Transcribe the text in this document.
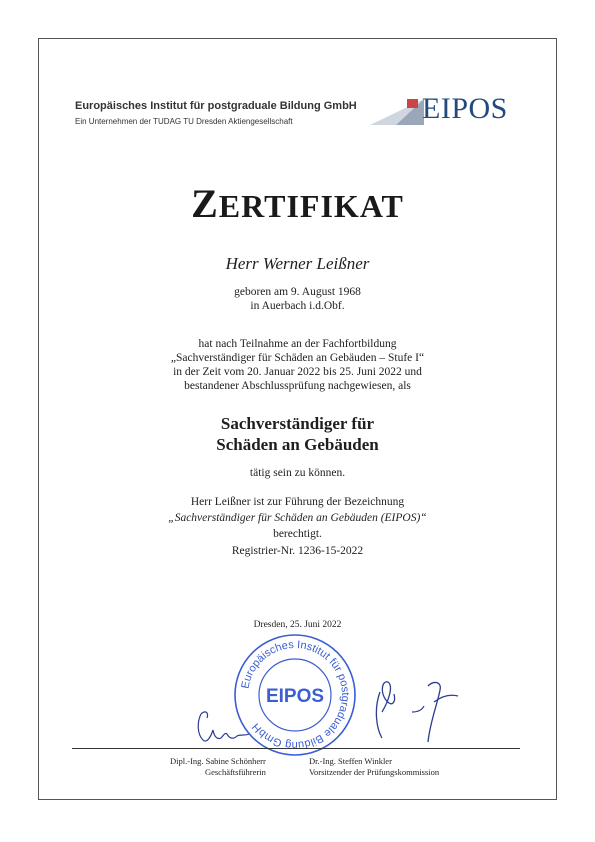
Europäisches Institut für postgraduale Bildung GmbH
Ein Unternehmen der TUDAG TU Dresden Aktiengesellschaft	EIPOS
ZERTIFIKAT
Herr Werner Leißner
geboren am 9. August 1968
in Auerbach i.d.Obf.
hat nach Teilnahme an der Fachfortbildung
„Sachverständiger für Schäden an Gebäuden – Stufe I“
in der Zeit vom 20. Januar 2022 bis 25. Juni 2022 und
bestandener Abschlussprüfung nachgewiesen, als
Sachverständiger für
Schäden an Gebäuden
tätig sein zu können.
Herr Leißner ist zur Führung der Bezeichnung
„Sachverständiger für Schäden an Gebäuden (EIPOS)“
berechtigt.
Registrier-Nr. 1236-15-2022
Dresden, 25. Juni 2022
Europäisches Institut für postgraduale Bildung GmbH
EIPOS
Dipl.-Ing. Sabine Schönherr
Geschäftsführerin
Dr.-Ing. Steffen Winkler
Vorsitzender der Prüfungskommission
